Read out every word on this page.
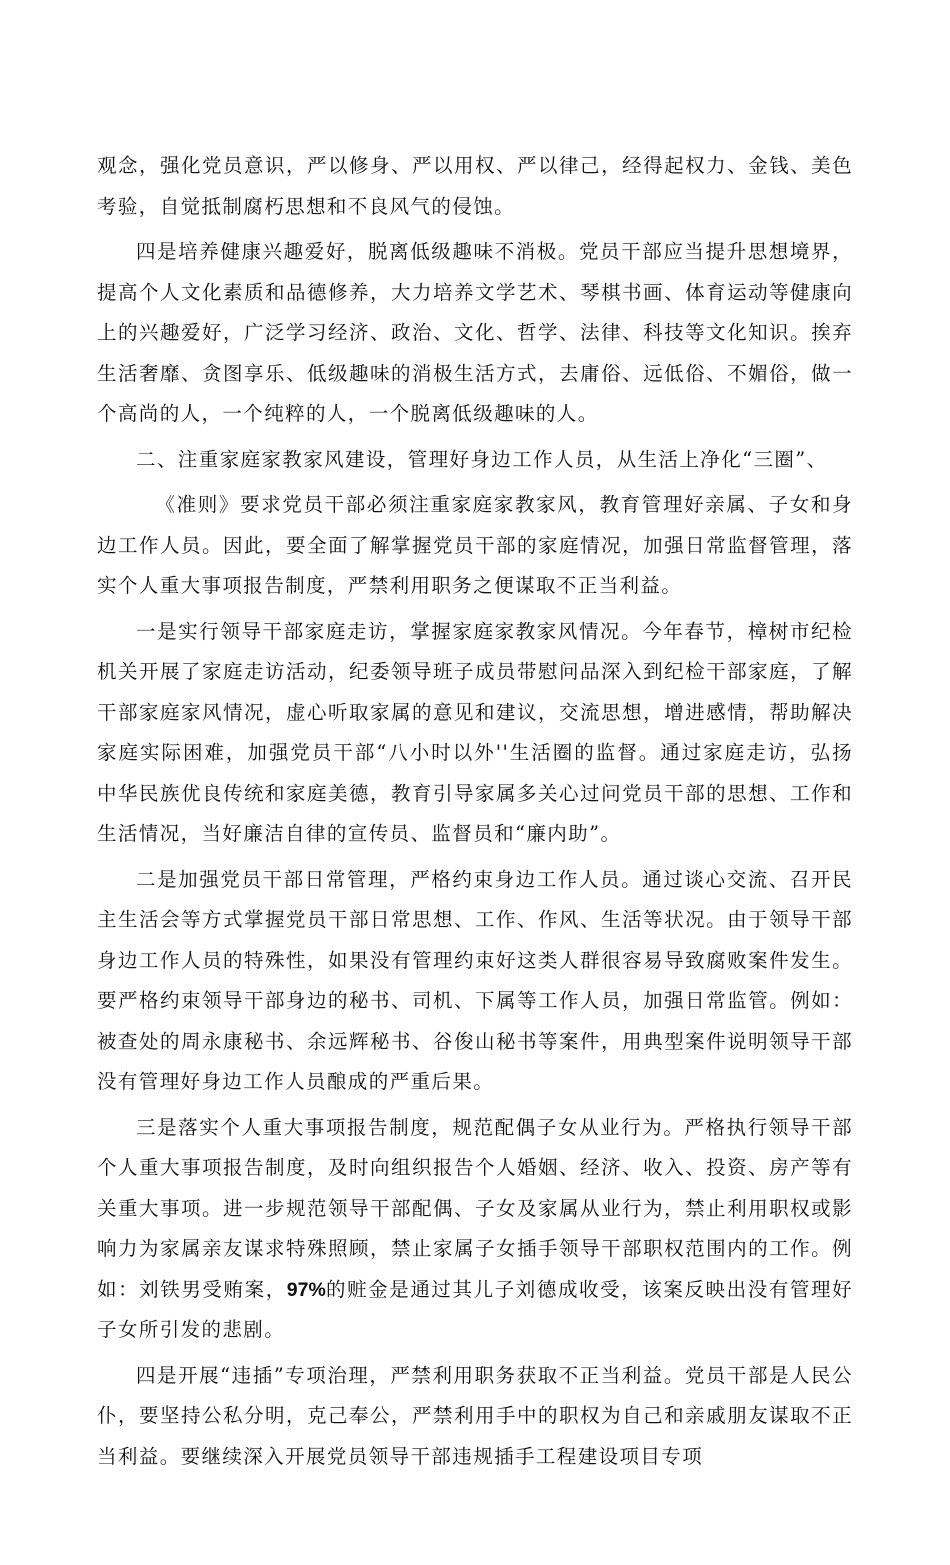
观念，强化党员意识，严以修身、严以用权、严以律己，经得起权力、金钱、美色考验，自觉抵制腐朽思想和不良风气的侵蚀。

四是培养健康兴趣爱好，脱离低级趣味不消极。党员干部应当提升思想境界，提高个人文化素质和品德修养，大力培养文学艺术、琴棋书画、体育运动等健康向上的兴趣爱好，广泛学习经济、政治、文化、哲学、法律、科技等文化知识。挨弃生活奢靡、贪图享乐、低级趣味的消极生活方式，去庸俗、远低俗、不媚俗，做一个高尚的人，一个纯粹的人，一个脱离低级趣味的人。

二、注重家庭家教家风建设，管理好身边工作人员，从生活上净化“三圈”、

《准则》要求党员干部必须注重家庭家教家风，教育管理好亲属、子女和身边工作人员。因此，要全面了解掌握党员干部的家庭情况，加强日常监督管理，落实个人重大事项报告制度，严禁利用职务之便谋取不正当利益。

一是实行领导干部家庭走访，掌握家庭家教家风情况。今年春节，樟树市纪检机关开展了家庭走访活动，纪委领导班子成员带慰问品深入到纪检干部家庭，了解干部家庭家风情况，虚心听取家属的意见和建议，交流思想，增进感情，帮助解决家庭实际困难，加强党员干部“八小时以外''生活圈的监督。通过家庭走访，弘扬中华民族优良传统和家庭美德，教育引导家属多关心过问党员干部的思想、工作和生活情况，当好廉洁自律的宣传员、监督员和“廉内助”。

二是加强党员干部日常管理，严格约束身边工作人员。通过谈心交流、召开民主生活会等方式掌握党员干部日常思想、工作、作风、生活等状况。由于领导干部身边工作人员的特殊性，如果没有管理约束好这类人群很容易导致腐败案件发生。要严格约束领导干部身边的秘书、司机、下属等工作人员，加强日常监管。例如：被查处的周永康秘书、余远辉秘书、谷俊山秘书等案件，用典型案件说明领导干部没有管理好身边工作人员酿成的严重后果。

三是落实个人重大事项报告制度，规范配偶子女从业行为。严格执行领导干部个人重大事项报告制度，及时向组织报告个人婚姻、经济、收入、投资、房产等有关重大事项。进一步规范领导干部配偶、子女及家属从业行为，禁止利用职权或影响力为家属亲友谋求特殊照顾，禁止家属子女插手领导干部职权范围内的工作。例如：刘铁男受贿案，97%的赃金是通过其儿子刘德成收受，该案反映出没有管理好子女所引发的悲剧。

四是开展“违插”专项治理，严禁利用职务获取不正当利益。党员干部是人民公仆，要坚持公私分明，克己奉公，严禁利用手中的职权为自己和亲戚朋友谋取不正当利益。要继续深入开展党员领导干部违规插手工程建设项目专项
